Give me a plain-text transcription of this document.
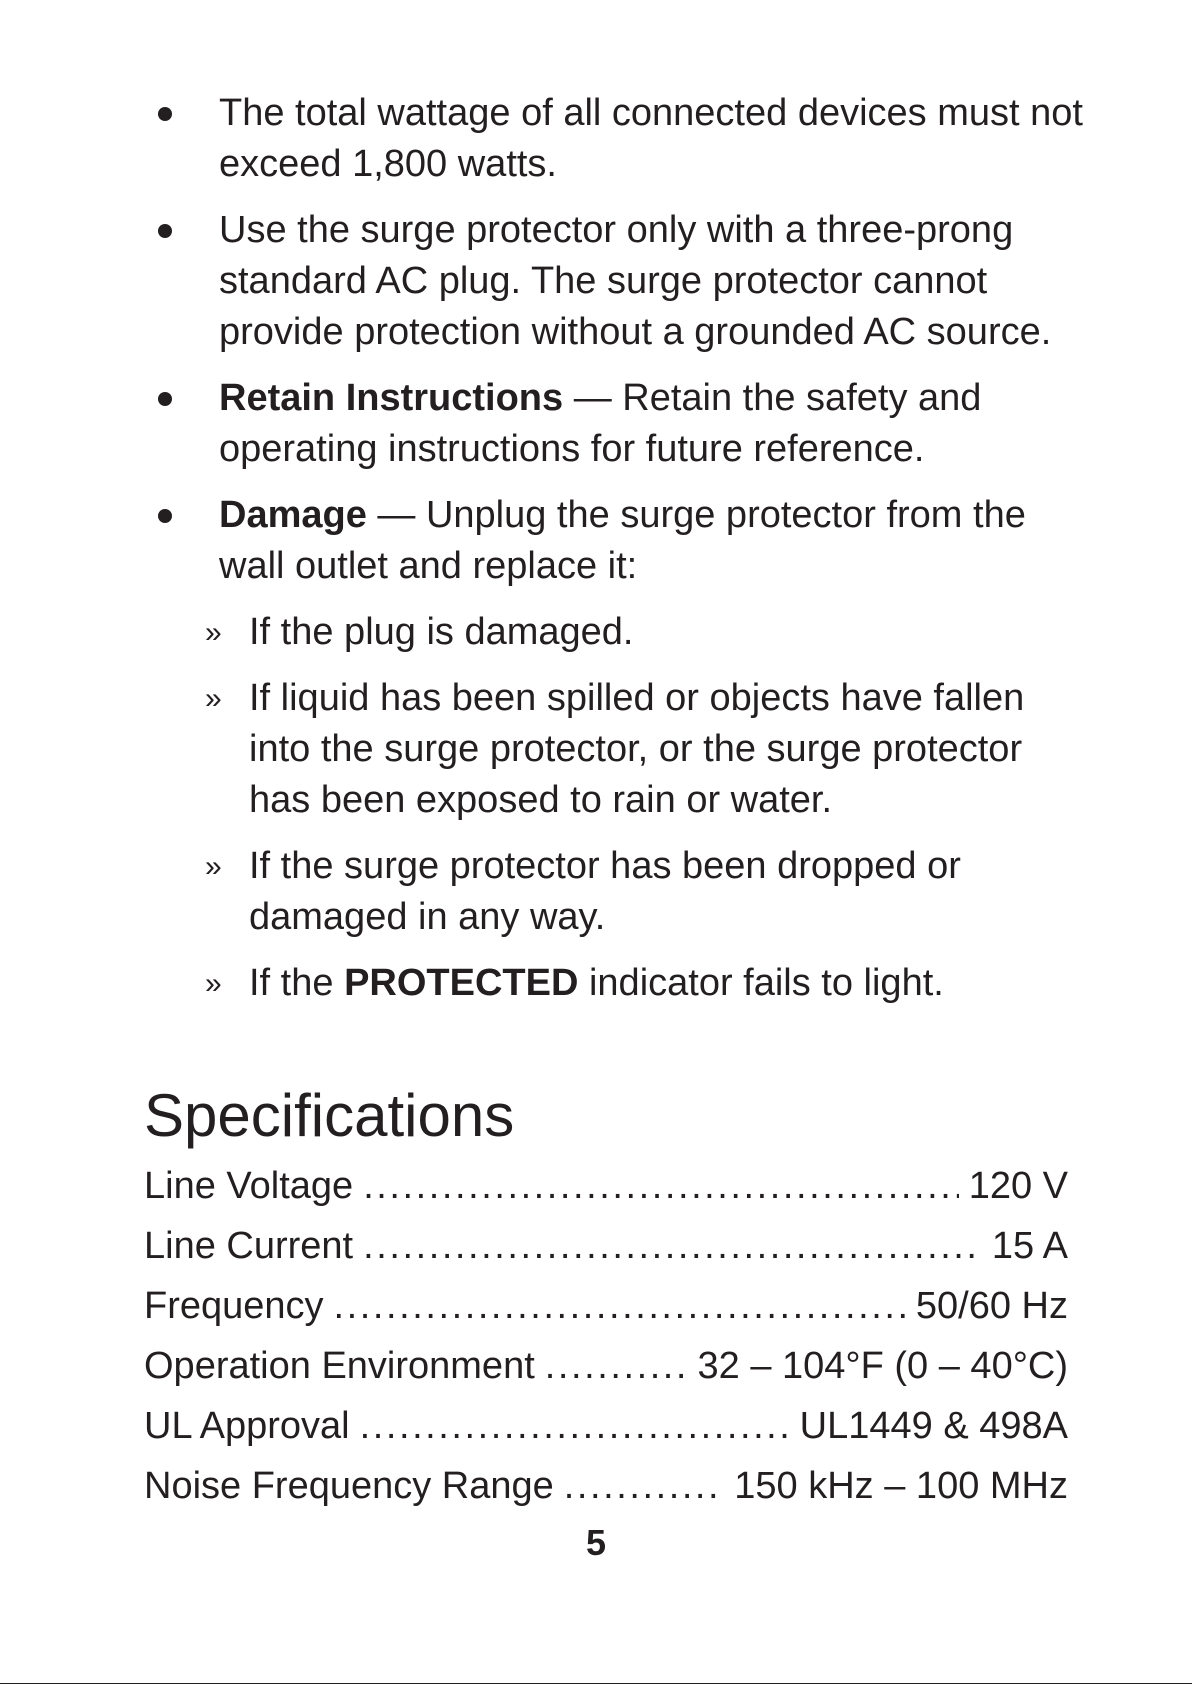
The total wattage of all connected devices must not exceed 1,800 watts.
Use the surge protector only with a three-prong standard AC plug. The surge protector cannot provide protection without a grounded AC source.
Retain Instructions — Retain the safety and operating instructions for future reference.
Damage — Unplug the surge protector from the wall outlet and replace it:
» If the plug is damaged.
» If liquid has been spilled or objects have fallen into the surge protector, or the surge protector has been exposed to rain or water.
» If the surge protector has been dropped or damaged in any way.
» If the PROTECTED indicator fails to light.
Specifications
Line Voltage . . .	120 V
Line Current . . .	15 A
Frequency . . .	50/60 Hz
Operation Environment . . .	32 – 104°F (0 – 40°C)
UL Approval . . .	UL1449 & 498A
Noise Frequency Range . . .	150 kHz – 100 MHz
5
